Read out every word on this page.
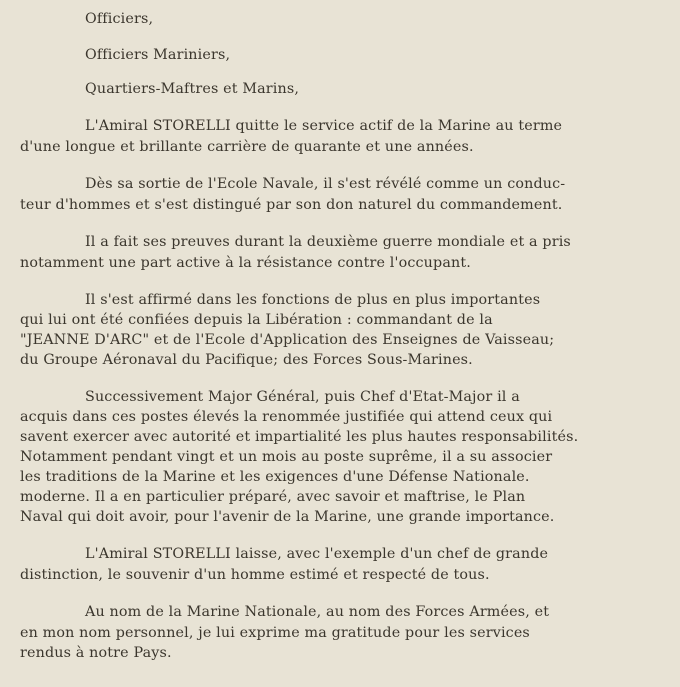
Officiers,
Officiers Mariniers,
Quartiers-Maftres et Marins,
L'Amiral STORELLI quitte le service actif de la Marine au terme
d'une longue et brillante carrière de quarante et une années.
Dès sa sortie de l'Ecole Navale, il s'est révélé comme un conduc-
teur d'hommes et s'est distingué par son don naturel du commandement.
Il a fait ses preuves durant la deuxième guerre mondiale et a pris
notamment une part active à la résistance contre l'occupant.
Il s'est affirmé dans les fonctions de plus en plus importantes
qui lui ont été confiées depuis la Libération : commandant de la
"JEANNE D'ARC" et de l'Ecole d'Application des Enseignes de Vaisseau;
du Groupe Aéronaval du Pacifique; des Forces Sous-Marines.
Successivement Major Général, puis Chef d'Etat-Major il a
acquis dans ces postes élevés la renommée justifiée qui attend ceux qui
savent exercer avec autorité et impartialité les plus hautes responsabilités.
Notamment pendant vingt et un mois au poste suprême, il a su associer
les traditions de la Marine et les exigences d'une Défense Nationale.
moderne. Il a en particulier préparé, avec savoir et maftrise, le Plan
Naval qui doit avoir, pour l'avenir de la Marine, une grande importance.
L'Amiral STORELLI laisse, avec l'exemple d'un chef de grande
distinction, le souvenir d'un homme estimé et respecté de tous.
Au nom de la Marine Nationale, au nom des Forces Armées, et
en mon nom personnel, je lui exprime ma gratitude pour les services
rendus à notre Pays.
